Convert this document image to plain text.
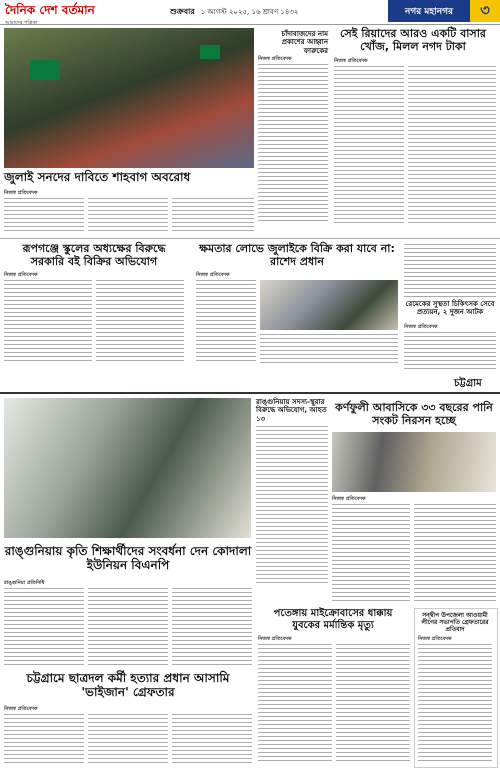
দৈনিক দেশ বর্তমান
আমাদের পত্রিকা
শুক্রবার ১ আগস্ট ২০২৫, ১৬ শ্রাবণ ১৪৩২	নগর মহানগর	৩
চাঁদাবাজদের নাম প্রকাশের আহ্বান ফারুকের
নিজস্ব প্রতিবেদক
সেই রিয়াদের আরও একটি বাসার খোঁজ, মিলল নগদ টাকা
নিজস্ব প্রতিবেদক
জুলাই সনদের দাবিতে শাহবাগ অবরোধ
নিজস্ব প্রতিবেদক
রূপগঞ্জে স্কুলের অধ্যক্ষের বিরুদ্ধে সরকারি বই বিক্রির অভিযোগ
নিজস্ব প্রতিবেদক
ক্ষমতার লোভে জুলাইকে বিক্রি করা যাবে না: রাশেদ প্রধান
নিজস্ব প্রতিবেদক
রেমেকের সুস্থতা চিকিৎসক সেবে প্রত্যয়ন, ২ দুজন আটক
নিজস্ব প্রতিবেদক
চট্টগ্রাম
রাঙ্গুনিয়ায় সদস্য-স্থূরার বিরুদ্ধে অভিযোগ, আহত ১৩
কর্ণফুলী আবাসিকে ৩৩ বছরের পানি সংকট নিরসন হচ্ছে
নিজস্ব প্রতিবেদক
রাঙ্গুনিয়ায় কৃতি শিক্ষার্থীদের সংবর্ধনা দেন কোদালা ইউনিয়ন বিএনপি
রাঙ্গুনিয়া প্রতিনিধি
পতেঙ্গায় মাইক্রোবাসের ধাক্কায় যুবকের মর্মান্তিক মৃত্যু
নিজস্ব প্রতিবেদক
সন্দ্বীপ উপজেলা আওয়ামী লীগের সভাপতি গ্রেফতারের প্রতিবাদ
নিজস্ব প্রতিবেদক
চট্টগ্রামে ছাত্রদল কর্মী হত্যার প্রধান আসামি 'ভাইজান' গ্রেফতার
নিজস্ব প্রতিবেদক
